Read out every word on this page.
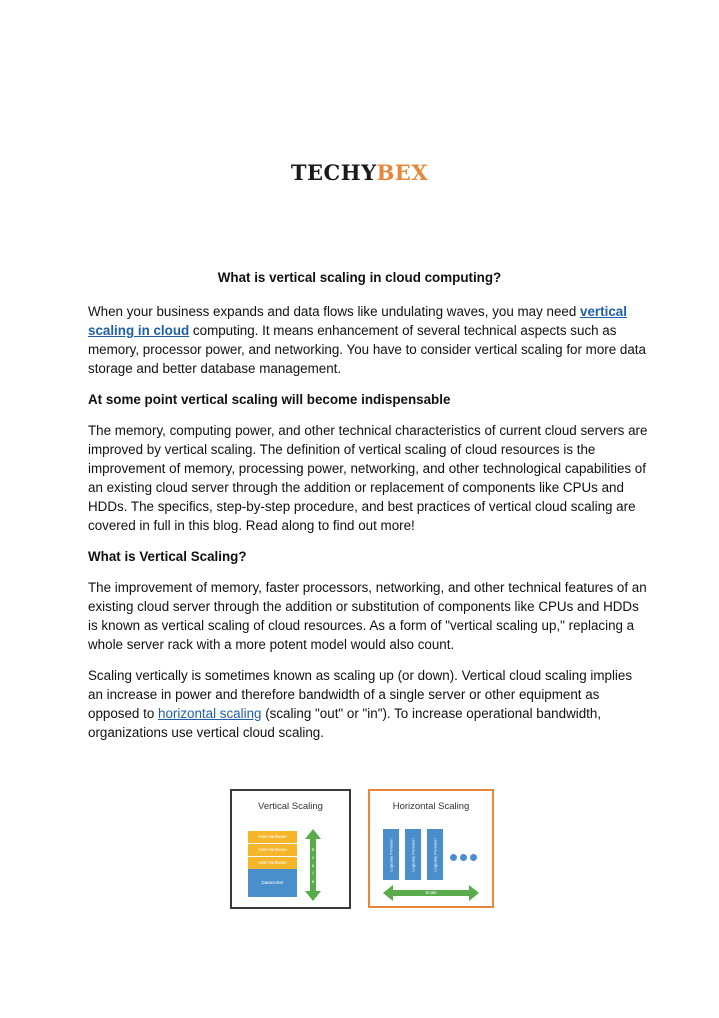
TECHYBEX
What is vertical scaling in cloud computing?

When your business expands and data flows like undulating waves, you may need vertical scaling in cloud computing. It means enhancement of several technical aspects such as memory, processor power, and networking. You have to consider vertical scaling for more data storage and better database management.

At some point vertical scaling will become indispensable

The memory, computing power, and other technical characteristics of current cloud servers are improved by vertical scaling. The definition of vertical scaling of cloud resources is the improvement of memory, processing power, networking, and other technological capabilities of an existing cloud server through the addition or replacement of components like CPUs and HDDs. The specifics, step-by-step procedure, and best practices of vertical cloud scaling are covered in full in this blog. Read along to find out more!

What is Vertical Scaling?

The improvement of memory, faster processors, networking, and other technical features of an existing cloud server through the addition or substitution of components like CPUs and HDDs is known as vertical scaling of cloud resources. As a form of "vertical scaling up," replacing a whole server rack with a more potent model would also count.

Scaling vertically is sometimes known as scaling up (or down). Vertical cloud scaling implies an increase in power and therefore bandwidth of a single server or other equipment as opposed to horizontal scaling (scaling "out" or "in"). To increase operational bandwidth, organizations use vertical cloud scaling.

Vertical Scaling
Add Hardware
Add Hardware
Add Hardware
Datacenter
S
c
a
l
e
Horizontal Scaling
Logically Provision	Logically Provision	Logically Provision
Scale
